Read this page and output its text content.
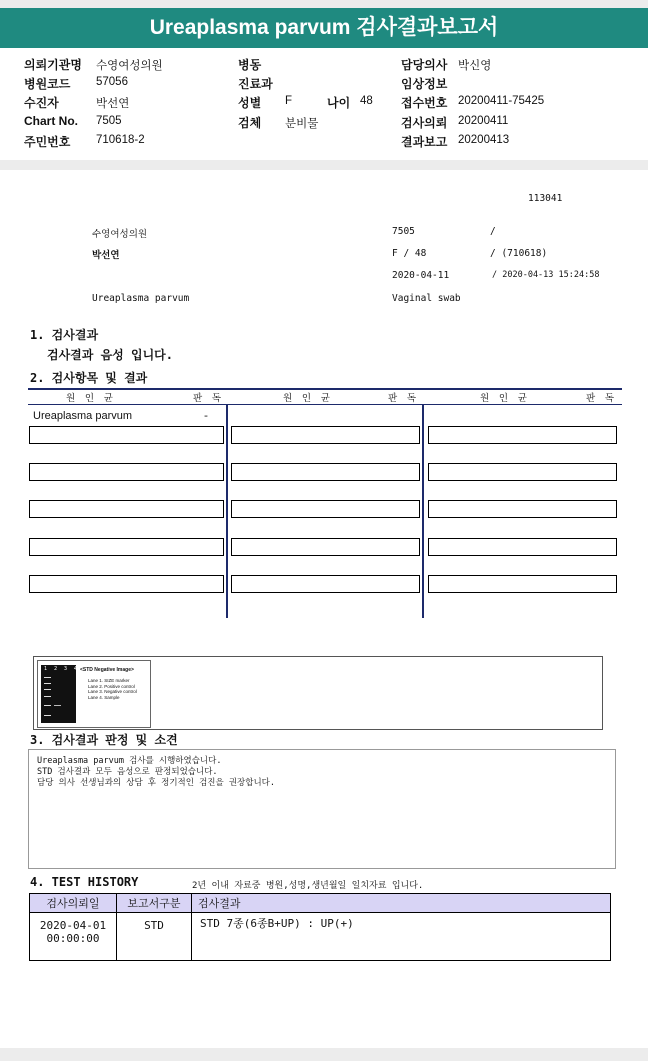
Ureaplasma parvum 검사결과보고서
의뢰기관명 수영여성의원
병원코드 57056
수진자	박선연
Chart No. 7505
주민번호 710618-2
병동
진료과
성별 F	나이 48
검체 분비물
담당의사 박신영
임상정보
접수번호 20200411-75425
검사의뢰 20200411
결과보고 20200413
113041
수영여성의원	7505	/
박선연	F / 48	/ (710618)
2020-04-11	/ 2020-04-13 15:24:58
Ureaplasma parvum	Vaginal swab
1. 검사결과
검사결과 음성 입니다.
2. 검사항목 및 결과
원 인 균	판 독	원 인 균	판 독	원 인 균	판 독
Ureaplasma parvum	-
1 2 3 4 <STD Negative Image>
Lane 1. SIZE marker
Lane 2. Positive control
Lane 3. Negative control
Lane 4. Sample
3. 검사결과 판정 및 소견
Ureaplasma parvum 검사를 시행하였습니다.
STD 검사결과 모두 음성으로 판정되었습니다.
담당 의사 선생님과의 상담 후 정기적인 검진을 권장합니다.
4. TEST HISTORY	2년 이내 자료중 병원,성명,생년월일 일치자료 입니다.
검사의뢰일	보고서구분	검사결과

2020-04-01
00:00:00	STD	STD 7종(6종B+UP) : UP(+)
